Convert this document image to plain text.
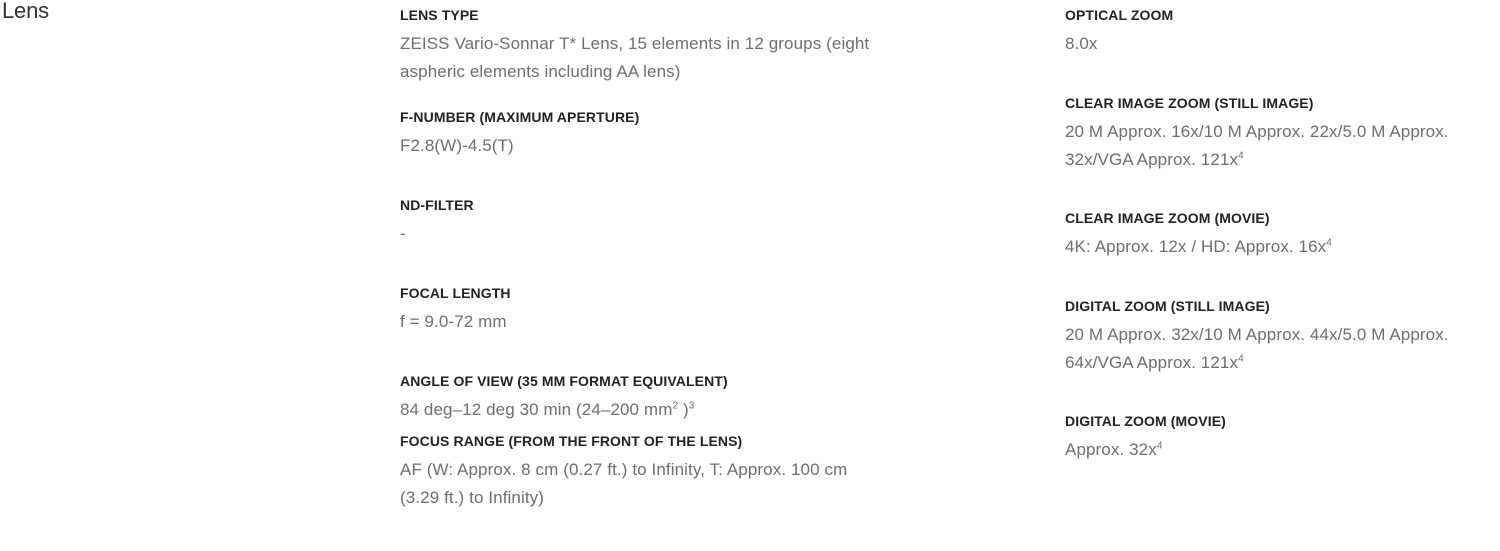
Lens	LENS TYPE
ZEISS Vario-Sonnar T* Lens, 15 elements in 12 groups (eight aspheric elements including AA lens)
F-NUMBER (MAXIMUM APERTURE)
F2.8(W)-4.5(T)
ND-FILTER
-
FOCAL LENGTH
f = 9.0-72 mm
ANGLE OF VIEW (35 MM FORMAT EQUIVALENT)
84 deg–12 deg 30 min (24–200 $mm^2$ )$^3$
FOCUS RANGE (FROM THE FRONT OF THE LENS)
AF (W: Approx. 8 cm (0.27 ft.) to Infinity, T: Approx. 100 cm (3.29 ft.) to Infinity)
OPTICAL ZOOM
8.0x
CLEAR IMAGE ZOOM (STILL IMAGE)
20 M Approx. 16x/10 M Approx. 22x/5.0 M Approx. 32x/VGA Approx. $121x^4$
CLEAR IMAGE ZOOM (MOVIE)
4K: Approx. 12x / HD: Approx. $16x^4$
DIGITAL ZOOM (STILL IMAGE)
20 M Approx. 32x/10 M Approx. 44x/5.0 M Approx. 64x/VGA Approx. $121x^4$
DIGITAL ZOOM (MOVIE)
Approx. $32x^4$
